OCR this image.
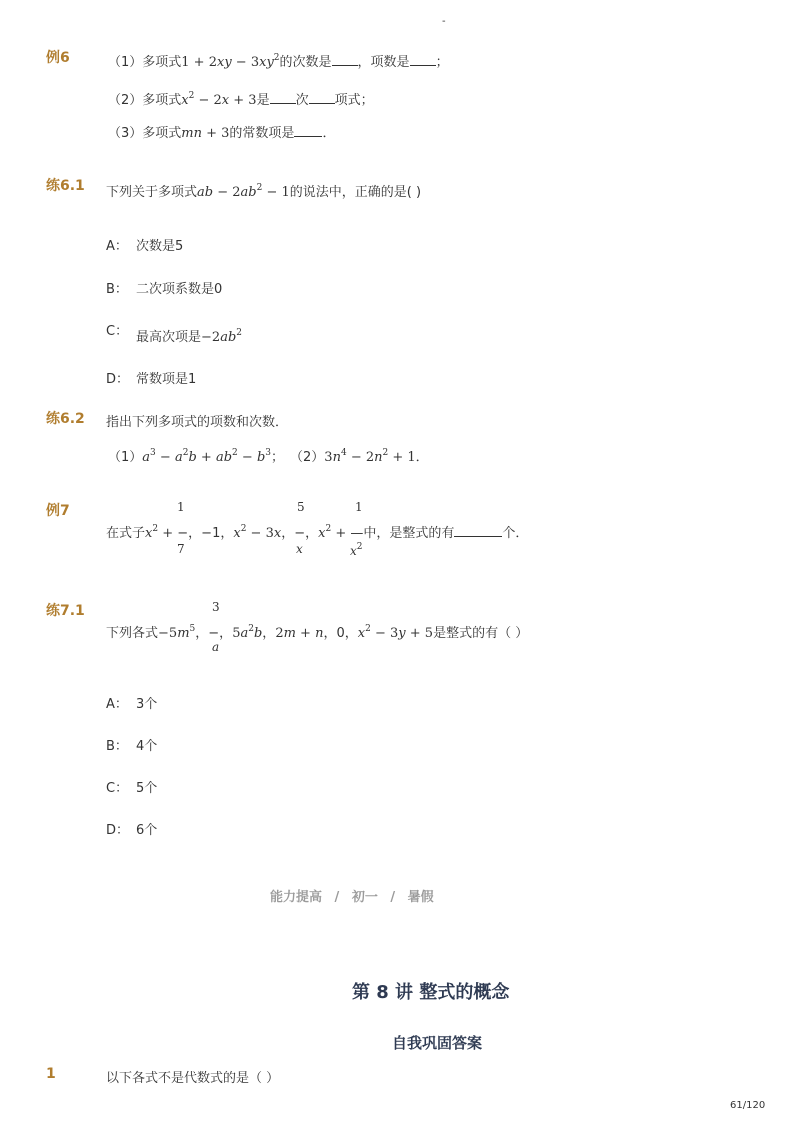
-
例6	（1）多项式$1 + 2xy - 3xy^2$的次数是 ，项数是 ；
（2）多项式$x^2 - 2x + 3$是 次 项式；
（3）多项式mn + 3的常数项是 ．
练6.1 下列关于多项式ab − $2ab^2 - 1$的说法中，正确的是( )
A： 次数是5
B： 二次项系数是0
C： 最高次项是$-2ab^2$
D： 常数项是1
练6.2 指出下列多项式的项数和次数．
$(1)a^3 - a^2b + ab^2 - b^3$； $(2)3n^4 - 2n^2 + 1$．
例7	1
7
5
x
1
$x^2$
在式子$x^2$ + −，−1，$x^2 - 3x$，−，$x^2$ + —中，是整式的有	个．
练7.1	3
a
下列各式$-5m^5$，−，$5a^2b$，2m + n，0，$x^2 - 3y + 5$是整式的有（ ）
A： 3个
B： 4个
C： 5个
D： 6个
能力提高 / 初一 / 暑假
第 8 讲 整式的概念
自我巩固答案
1	以下各式不是代数式的是（ ）
61/120
